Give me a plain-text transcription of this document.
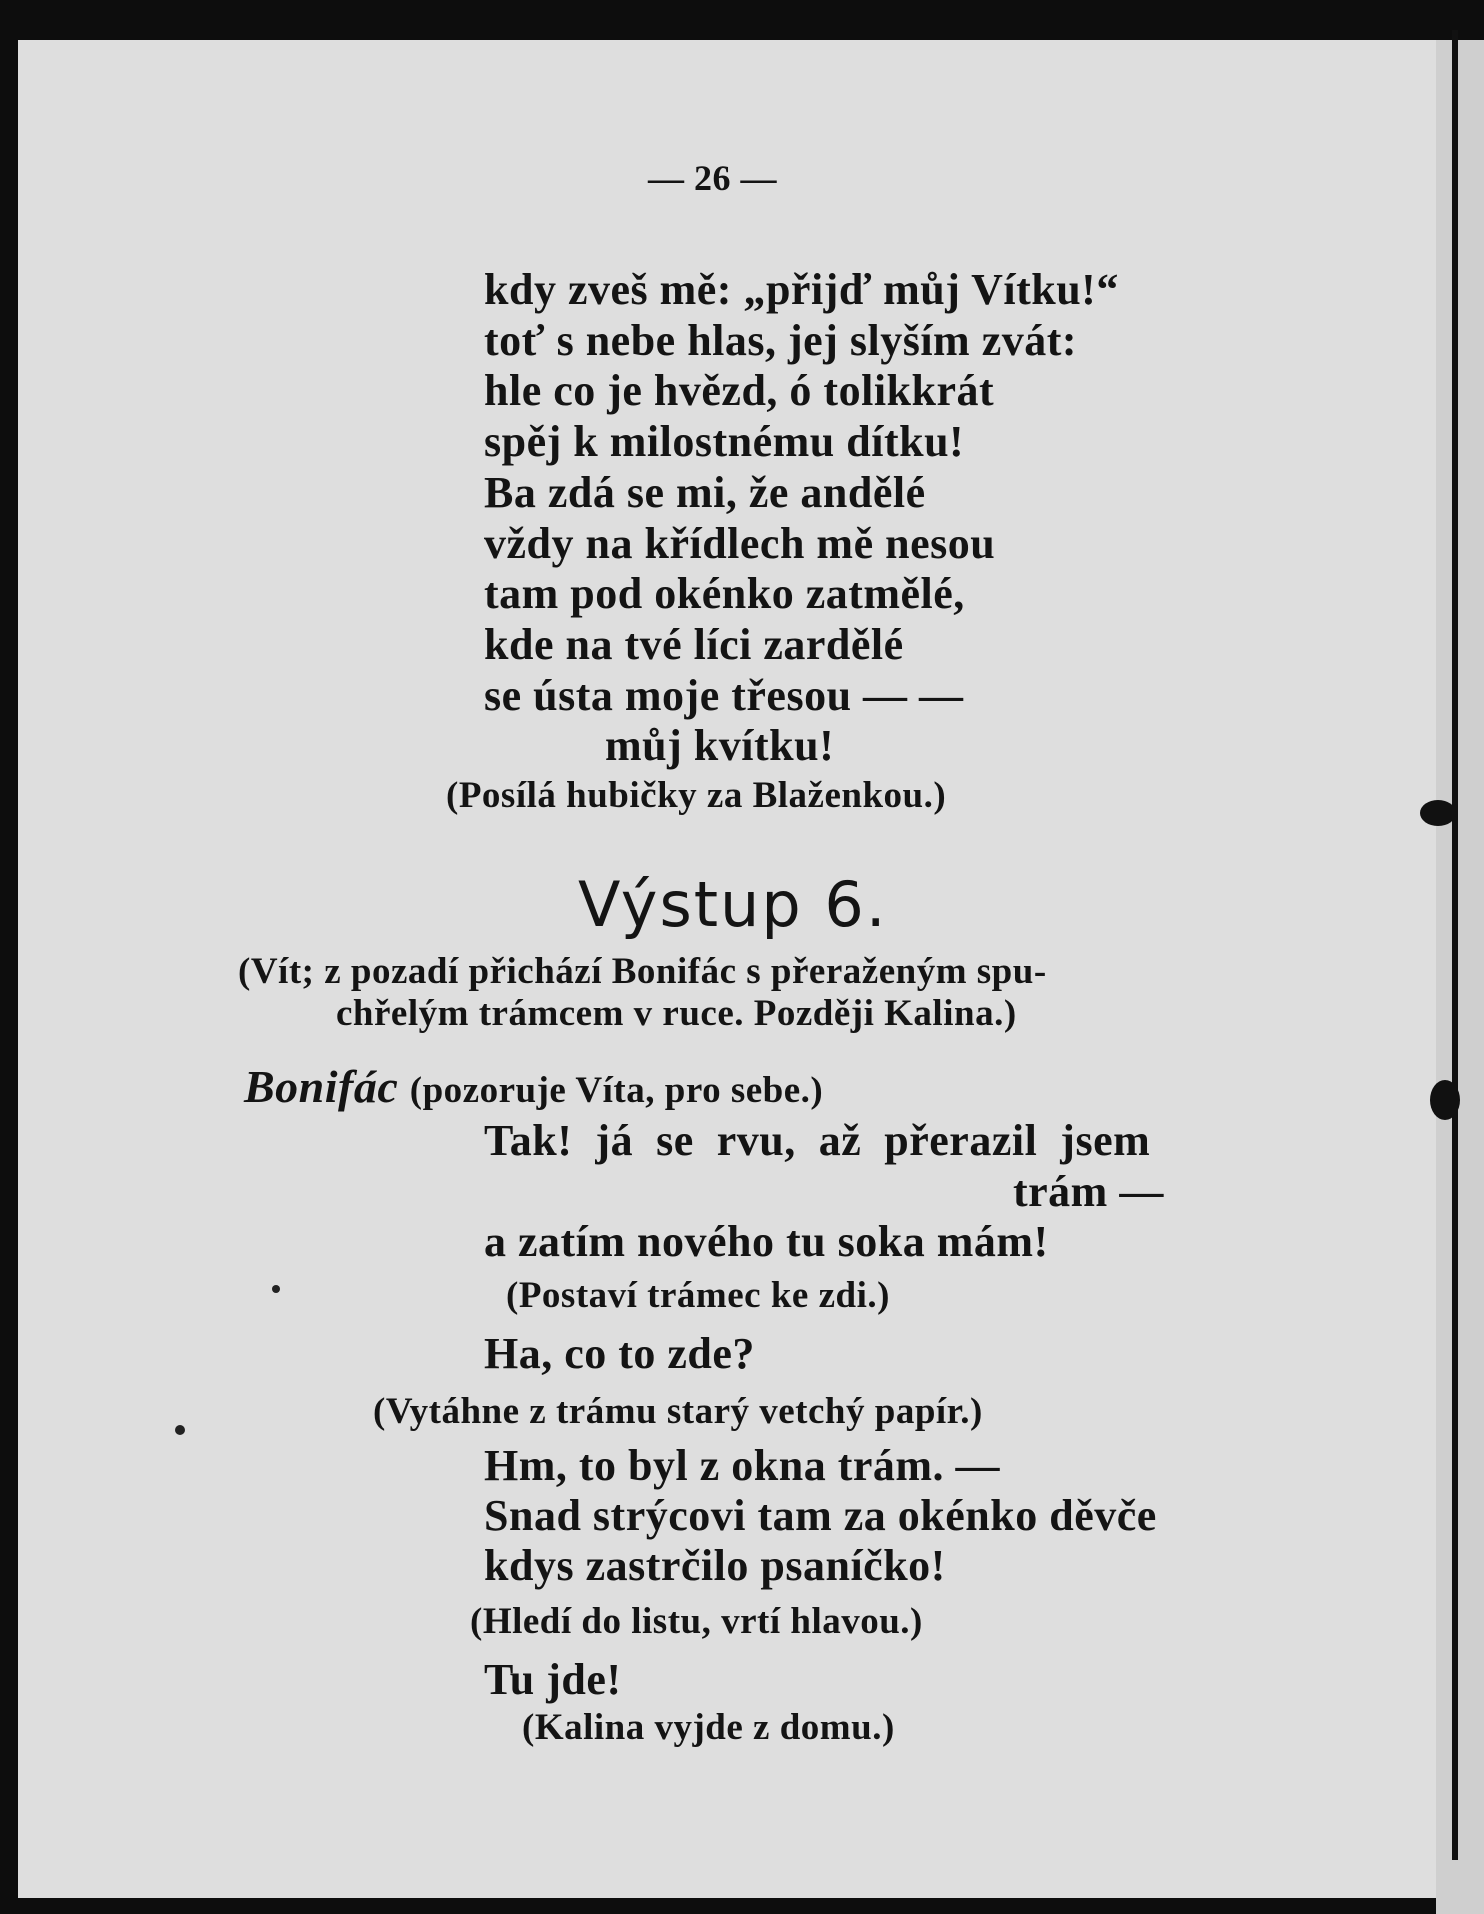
— 26 —
kdy zveš mě: „přijď můj Vítku!“
toť s nebe hlas, jej slyším zvát:
hle co je hvězd, ó tolikkrát
spěj k milostnému dítku!
Ba zdá se mi, že andělé
vždy na křídlech mě nesou
tam pod okénko zatmělé,
kde na tvé líci zardělé
se ústa moje třesou — —
můj kvítku!
(Posílá hubičky za Blaženkou.)
Výstup 6.
(Vít; z pozadí přichází Bonifác s přeraženým spu-
chřelým trámcem v ruce. Později Kalina.)
Bonifác (pozoruje Víta, pro sebe.)
Tak!  já  se  rvu,  až  přerazil  jsem
trám —
a zatím nového tu soka mám!
(Postaví trámec ke zdi.)
Ha, co to zde?
(Vytáhne z trámu starý vetchý papír.)
Hm, to byl z okna trám. —
Snad strýcovi tam za okénko děvče
kdys zastrčilo psaníčko!
(Hledí do listu, vrtí hlavou.)
Tu jde!
(Kalina vyjde z domu.)
